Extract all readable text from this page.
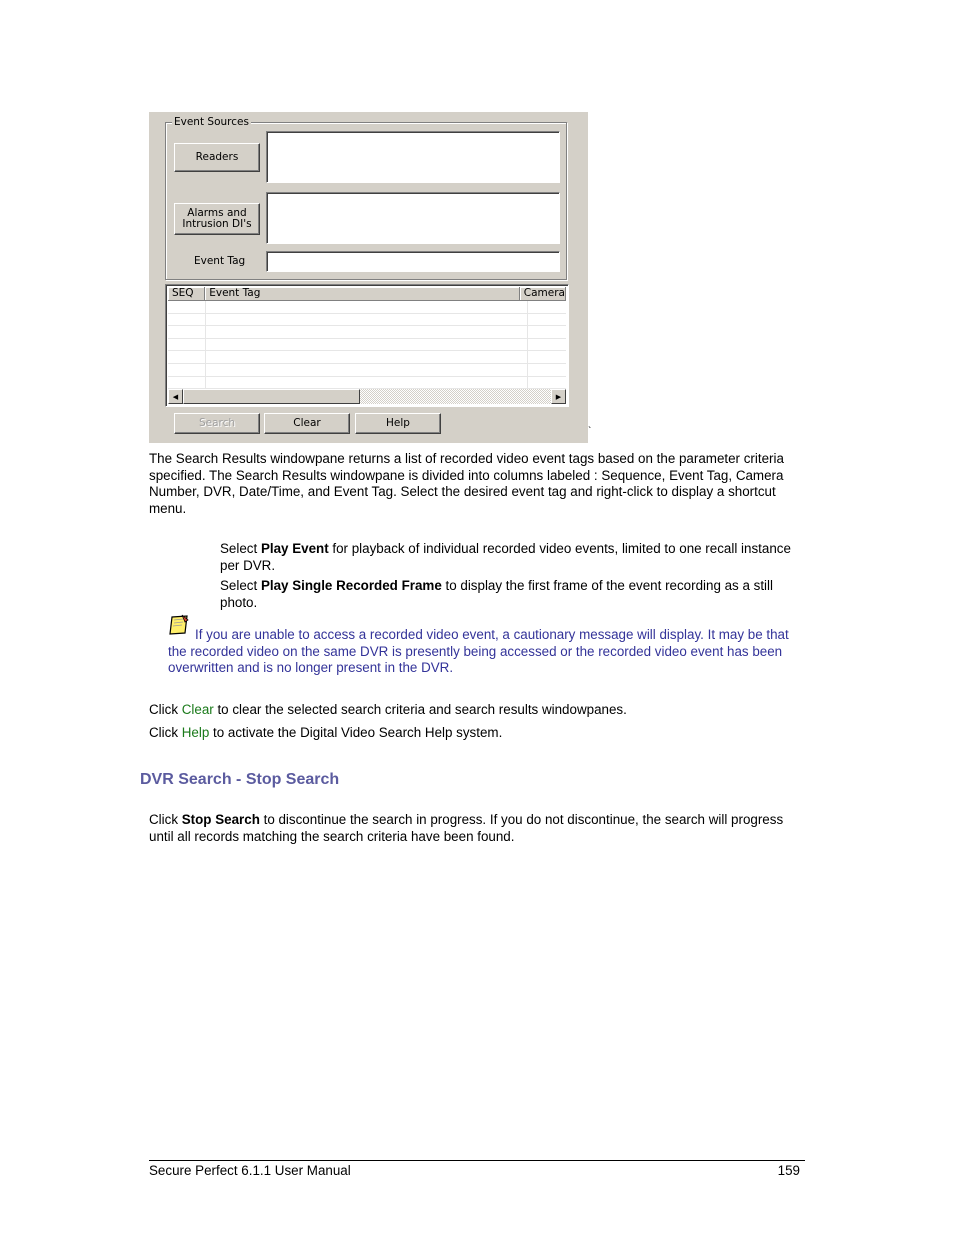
Event Sources
Readers
Alarms and
Intrusion DI's
Event Tag
SEQ	Event Tag	Camera
◀	▶
Search	Clear	Help
`

The Search Results windowpane returns a list of recorded video event tags based on the parameter criteria specified. The Search Results windowpane is divided into columns labeled : Sequence, Event Tag, Camera Number, DVR, Date/Time, and Event Tag. Select the desired event tag and right-click to display a shortcut menu.

Select Play Event for playback of individual recorded video events, limited to one recall instance per DVR.

Select Play Single Recorded Frame to display the first frame of the event recording as a still photo.

If you are unable to access a recorded video event, a cautionary message will display. It may be that the recorded video on the same DVR is presently being accessed or the recorded video event has been overwritten and is no longer present in the DVR.

Click Clear to clear the selected search criteria and search results windowpanes.

Click Help to activate the Digital Video Search Help system.

DVR Search - Stop Search

Click Stop Search to discontinue the search in progress. If you do not discontinue, the search will progress until all records matching the search criteria have been found.

Secure Perfect 6.1.1 User Manual	159
